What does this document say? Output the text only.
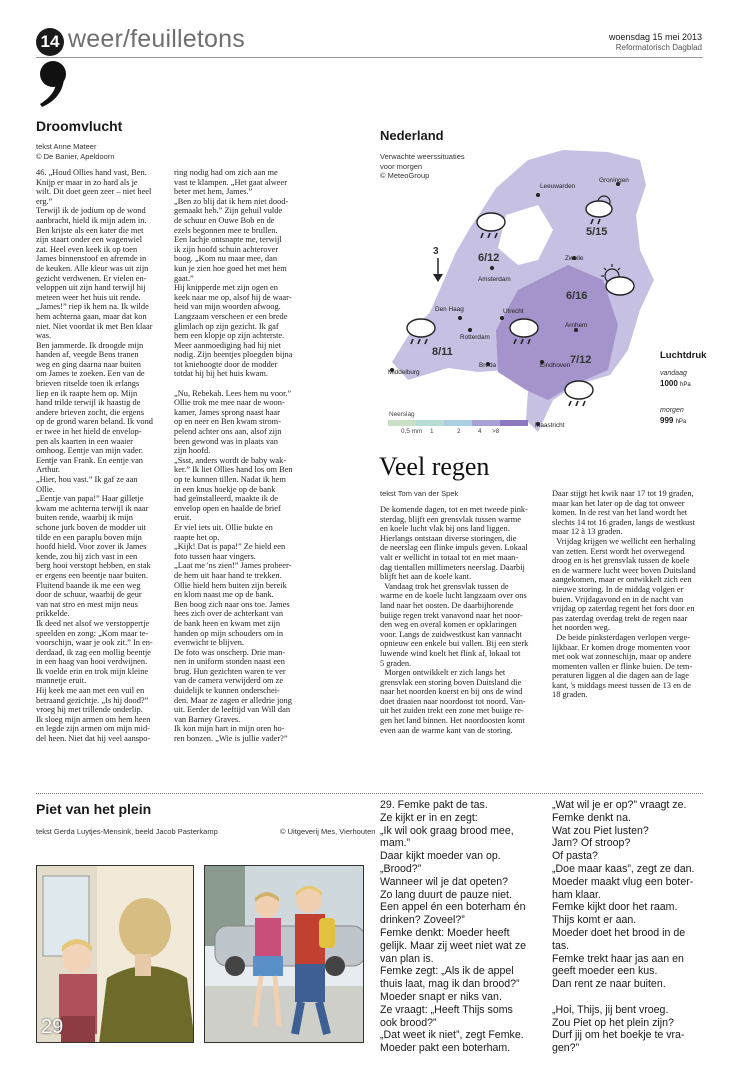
14 weer/feuilletons	woensdag 15 mei 2013
Reformatorisch Dagblad
Droomvlucht
tekst Anne Mateer
© De Banier, Apeldoorn
46. „Houd Ollies hand vast, Ben.
Knijp er maar in zo hard als je
wilt. Dit doet geen zeer – niet heel
erg.”
Terwijl ik de jodium op de wond
aanbracht, hield ik mijn adem in.
Ben krijste als een kater die met
zijn staart onder een wagenwiel
zat. Heel even keek ik op toen
James binnenstoof en afremde in
de keuken. Alle kleur was uit zijn
gezicht verdwenen. Er vielen en-
veloppen uit zijn hand terwijl hij
meteen weer het huis uit rende.
„James!” riep ik hem na. Ik wilde
hem achterna gaan, maar dat kon
niet. Niet voordat ik met Ben klaar
was.
Ben jammerde. Ik droogde mijn
handen af, veegde Bens tranen
weg en ging daarna naar buiten
om James te zoeken. Een van de
brieven ritselde toen ik erlangs
liep en ik raapte hem op. Mijn
hand trilde terwijl ik haastig de
andere brieven zocht, die ergens
op de grond waren beland. Ik vond
er twee in het hield de envelop-
pen als kaarten in een waaier
omhoog. Eentje van mijn vader.
Eentje van Frank. En eentje van
Arthur.
„Hier, hou vast.” Ik gaf ze aan
Ollie.
„Eentje van papa!” Haar gilletje
kwam me achterna terwijl ik naar
buiten rende, waarbij ik mijn
schone jurk boven de modder uit
tilde en een paraplu boven mijn
hoofd hield. Voor zover ik James
kende, zou hij zich vast in een
berg hooi verstopt hebben, en stak
er ergens een beentje naar buiten.
Fluitend baande ik me een weg
door de schuur, waarbij de geur
van nat stro en mest mijn neus
prikkelde.
Ik deed net alsof we verstoppertje
speelden en zong: „Kom maar te-
voorschijn, waar je ook zit.” In en-
derdaad, ik zag een mollig beentje
in een haag van hooi verdwijnen.
Ik voelde erin en trok mijn kleine
mannetje eruit.
Hij keek me aan met een vuil en
betraand gezichtje. „Is hij dood?”
vroeg hij met trillende onderlip.
Ik sloeg mijn armen om hem heen
en legde zijn armen om mijn mid-
del heen. Niet dat hij veel aanspo-
ring nodig had om zich aan me
vast te klampen. „Het gaat alweer
beter met hem, James.”
„Ben zo blij dat ik hem niet dood-
gemaakt heb.” Zijn gehuil vulde
de schuur en Ouwe Bob en de
ezels begonnen mee te brullen.
Een lachje ontsnapte me, terwijl
ik zijn hoofd schuin achterover
boog. „Kom nu maar mee, dan
kun je zien hoe goed het met hem
gaat.”
Hij knipperde met zijn ogen en
keek naar me op, alsof hij de waar-
heid van mijn woorden afwoog.
Langzaam verscheen er een brede
glimlach op zijn gezicht. Ik gaf
hem een klopje op zijn achterste.
Meer aanmoediging had hij niet
nodig. Zijn beentjes ploegden bijna
tot kniehoogte door de modder
totdat hij bij het huis kwam.

„Nu, Rebekah. Lees hem nu voor.”
Ollie trok me mee naar de woon-
kamer, James sprong naast haar
op en neer en Ben kwam strom-
pelend achter ons aan, alsof zijn
been gewond was in plaats van
zijn hoofd.
„Ssst, anders wordt de baby wak-
ker.” Ik liet Ollies hand los om Ben
op te kunnen tillen. Nadat ik hem
in een knus hoekje op de bank
had geïnstalleerd, maakte ik de
envelop open en haalde de brief
eruit.
Er viel iets uit. Ollie bukte en
raapte het op.
„Kijk! Dat is papa!” Ze hield een
foto tussen haar vingers.
„Laat me 'ns zien!” James probeer-
de hem uit haar hand te trekken.
Ollie hield hem buiten zijn bereik
en klom naast me op de bank.
Ben boog zich naar ons toe. James
hees zich over de achterkant van
de bank heen en kwam met zijn
handen op mijn schouders om in
evenwicht te blijven.
De foto was onscherp. Drie man-
nen in uniform stonden naast een
brug. Hun gezichten waren te ver
van de camera verwijderd om ze
duidelijk te kunnen onderschei-
den. Maar ze zagen er alledrie jong
uit. Eerder de leeftijd van Will dan
van Barney Graves.
Ik kon mijn hart in mijn oren ho-
ren bonzen. „Wie is jullie vader?”
Nederland
Verwachte weerssituaties
voor morgen
© MeteoGroup
Leeuwarden
Groningen
Zwolle
Amsterdam
Den Haag	Utrecht
Arnhem
Rotterdam
Middelburg
Breda	Eindhoven
Maastricht
5/15
6/12
6/16
8/11
7/12
3
Luchtdruk
vandaag
1000 hPa
morgen
999 hPa
Neerslag
0,5 mm 1	2	4 >8
Veel regen
tekst Tom van der Spek
De komende dagen, tot en met tweede pink-
sterdag, blijft een grensvlak tussen warme
en koele lucht vlak bij ons land liggen.
Hierlangs ontstaan diverse storingen, die
de neerslag een flinke impuls geven. Lokaal
valt er wellicht in totaal tot en met maan-
dag tientallen millimeters neerslag. Daarbij
blijft het aan de koele kant.
Vandaag trok het grensvlak tussen de
warme en de koele lucht langzaam over ons
land naar het oosten. De daarbijhorende
buiige regen trekt vanavond naar het noor-
den weg en overal komen er opklaringen
voor. Langs de zuidwestkust kan vannacht
opnieuw een enkele bui vallen. Bij een sterk
luwende wind koelt het flink af, lokaal tot
5 graden.
Morgen ontwikkelt er zich langs het
grensvlak een storing boven Duitsland die
naar het noorden koerst en bij ons de wind
doet draaien naar noordoost tot noord. Van-
uit het zuiden trekt een zone met buiige re-
gen het land binnen. Het noordoosten komt
even aan de warme kant van de storing.
Daar stijgt het kwik naar 17 tot 19 graden,
maar kan het later op de dag tot onweer
komen. In de rest van het land wordt het
slechts 14 tot 16 graden, langs de westkust
maar 12 à 13 graden.
Vrijdag krijgen we wellicht een herhaling
van zetten. Eerst wordt het overwegend
droog en is het grensvlak tussen de koele
en de warmere lucht weer boven Duitsland
aangekomen, maar er ontwikkelt zich een
nieuwe storing. In de middag volgen er
buien. Vrijdagavond en in de nacht van
vrijdag op zaterdag regent het fors door en
pas zaterdag overdag trekt de regen naar
het noorden weg.
De beide pinksterdagen verlopen verge-
lijkbaar. Er komen droge momenten voor
met ook wat zonneschijn, maar op andere
momenten vallen er flinke buien. De tem-
peraturen liggen al die dagen aan de lage
kant, 's middags meest tussen de 13 en de
18 graden.
Piet van het plein
tekst Gerda Luytjes-Mensink, beeld Jacob Pasterkamp	© Uitgeverij Mes, Vierhouten
29
29. Femke pakt de tas.
Ze kijkt er in en zegt:
„Ik wil ook graag brood mee,
mam.”
Daar kijkt moeder van op.
„Brood?”
Wanneer wil je dat opeten?
Zo lang duurt de pauze niet.
Een appel én een boterham én
drinken? Zoveel?”
Femke denkt: Moeder heeft
gelijk. Maar zij weet niet wat ze
van plan is.
Femke zegt: „Als ik de appel
thuis laat, mag ik dan brood?”
Moeder snapt er niks van.
Ze vraagt: „Heeft Thijs soms
ook brood?”
„Dat weet ik niet”, zegt Femke.
Moeder pakt een boterham.
„Wat wil je er op?” vraagt ze.
Femke denkt na.
Wat zou Piet lusten?
Jam? Of stroop?
Of pasta?
„Doe maar kaas”, zegt ze dan.
Moeder maakt vlug een boter-
ham klaar.
Femke kijkt door het raam.
Thijs komt er aan.
Moeder doet het brood in de
tas.
Femke trekt haar jas aan en
geeft moeder een kus.
Dan rent ze naar buiten.

„Hoi, Thijs, jij bent vroeg.
Zou Piet op het plein zijn?
Durf jij om het boekje te vra-
gen?”
